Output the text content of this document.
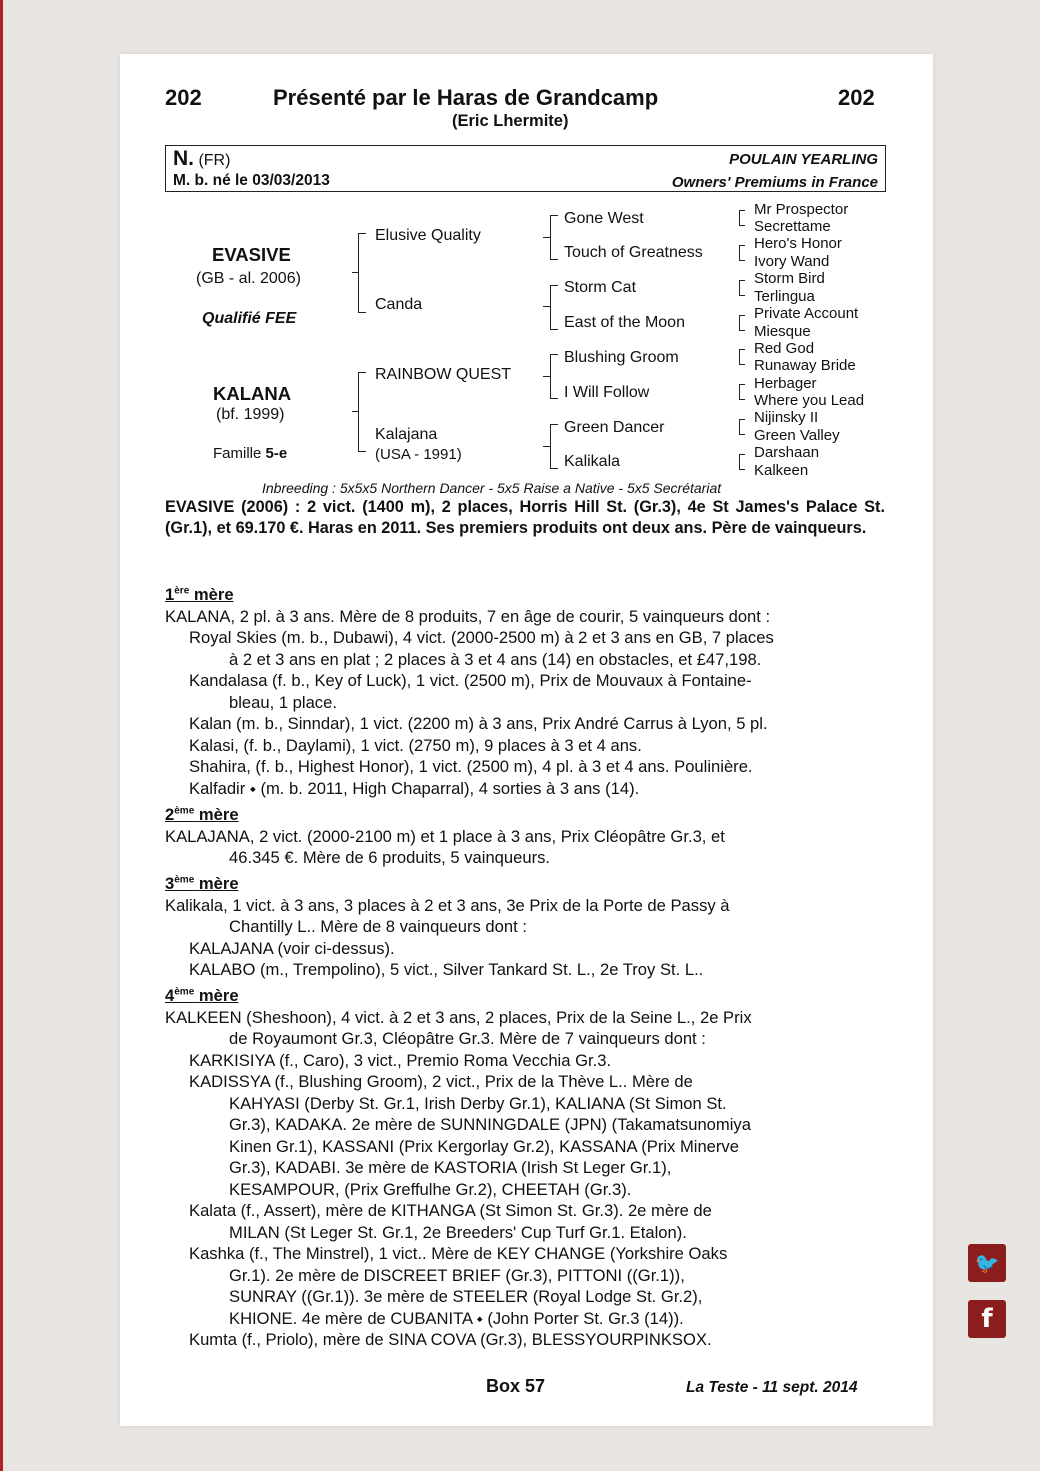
202	Présenté par le Haras de Grandcamp	202
(Eric Lhermite)
N. (FR)	POULAIN YEARLING
M. b. né le 03/03/2013	Owners' Premiums in France
EVASIVE
(GB - al. 2006)
Qualifié FEE
KALANA
(bf. 1999)
Famille 5-e
Elusive Quality
Canda
RAINBOW QUEST
Kalajana
(USA - 1991)
Gone West
Touch of Greatness
Storm Cat
East of the Moon
Blushing Groom
I Will Follow
Green Dancer
Kalikala
Mr Prospector
Secrettame
Hero's Honor
Ivory Wand
Storm Bird
Terlingua
Private Account
Miesque
Red God
Runaway Bride
Herbager
Where you Lead
Nijinsky II
Green Valley
Darshaan
Kalkeen
Inbreeding : 5x5x5 Northern Dancer - 5x5 Raise a Native - 5x5 Secrétariat
EVASIVE (2006) : 2 vict. (1400 m), 2 places, Horris Hill St. (Gr.3), 4e St James's Palace St. (Gr.1), et 69.170 €. Haras en 2011. Ses premiers produits ont deux ans. Père de vainqueurs.
1ère mère
KALANA, 2 pl. à 3 ans. Mère de 8 produits, 7 en âge de courir, 5 vainqueurs dont :
Royal Skies (m. b., Dubawi), 4 vict. (2000-2500 m) à 2 et 3 ans en GB, 7 places
à 2 et 3 ans en plat ; 2 places à 3 et 4 ans (14) en obstacles, et £47,198.
Kandalasa (f. b., Key of Luck), 1 vict. (2500 m), Prix de Mouvaux à Fontaine-
bleau, 1 place.
Kalan (m. b., Sinndar), 1 vict. (2200 m) à 3 ans, Prix André Carrus à Lyon, 5 pl.
Kalasi, (f. b., Daylami), 1 vict. (2750 m), 9 places à 3 et 4 ans.
Shahira, (f. b., Highest Honor), 1 vict. (2500 m), 4 pl. à 3 et 4 ans. Poulinière.
Kalfadir ⬩ (m. b. 2011, High Chaparral), 4 sorties à 3 ans (14).
2ème mère
KALAJANA, 2 vict. (2000-2100 m) et 1 place à 3 ans, Prix Cléopâtre Gr.3, et
46.345 €. Mère de 6 produits, 5 vainqueurs.
3ème mère
Kalikala, 1 vict. à 3 ans, 3 places à 2 et 3 ans, 3e Prix de la Porte de Passy à
Chantilly L.. Mère de 8 vainqueurs dont :
KALAJANA (voir ci-dessus).
KALABO (m., Trempolino), 5 vict., Silver Tankard St. L., 2e Troy St. L..
4ème mère
KALKEEN (Sheshoon), 4 vict. à 2 et 3 ans, 2 places, Prix de la Seine L., 2e Prix
de Royaumont Gr.3, Cléopâtre Gr.3. Mère de 7 vainqueurs dont :
KARKISIYA (f., Caro), 3 vict., Premio Roma Vecchia Gr.3.
KADISSYA (f., Blushing Groom), 2 vict., Prix de la Thève L.. Mère de
KAHYASI (Derby St. Gr.1, Irish Derby Gr.1), KALIANA (St Simon St.
Gr.3), KADAKA. 2e mère de SUNNINGDALE (JPN) (Takamatsunomiya
Kinen Gr.1), KASSANI (Prix Kergorlay Gr.2), KASSANA (Prix Minerve
Gr.3), KADABI. 3e mère de KASTORIA (Irish St Leger Gr.1),
KESAMPOUR, (Prix Greffulhe Gr.2), CHEETAH (Gr.3).
Kalata (f., Assert), mère de KITHANGA (St Simon St. Gr.3). 2e mère de
MILAN (St Leger St. Gr.1, 2e Breeders' Cup Turf Gr.1. Etalon).
Kashka (f., The Minstrel), 1 vict.. Mère de KEY CHANGE (Yorkshire Oaks
Gr.1). 2e mère de DISCREET BRIEF (Gr.3), PITTONI ((Gr.1)),
SUNRAY ((Gr.1)). 3e mère de STEELER (Royal Lodge St. Gr.2),
KHIONE. 4e mère de CUBANITA ⬩ (John Porter St. Gr.3 (14)).
Kumta (f., Priolo), mère de SINA COVA (Gr.3), BLESSYOURPINKSOX.
Box 57	La Teste - 11 sept. 2014
🐦
f
